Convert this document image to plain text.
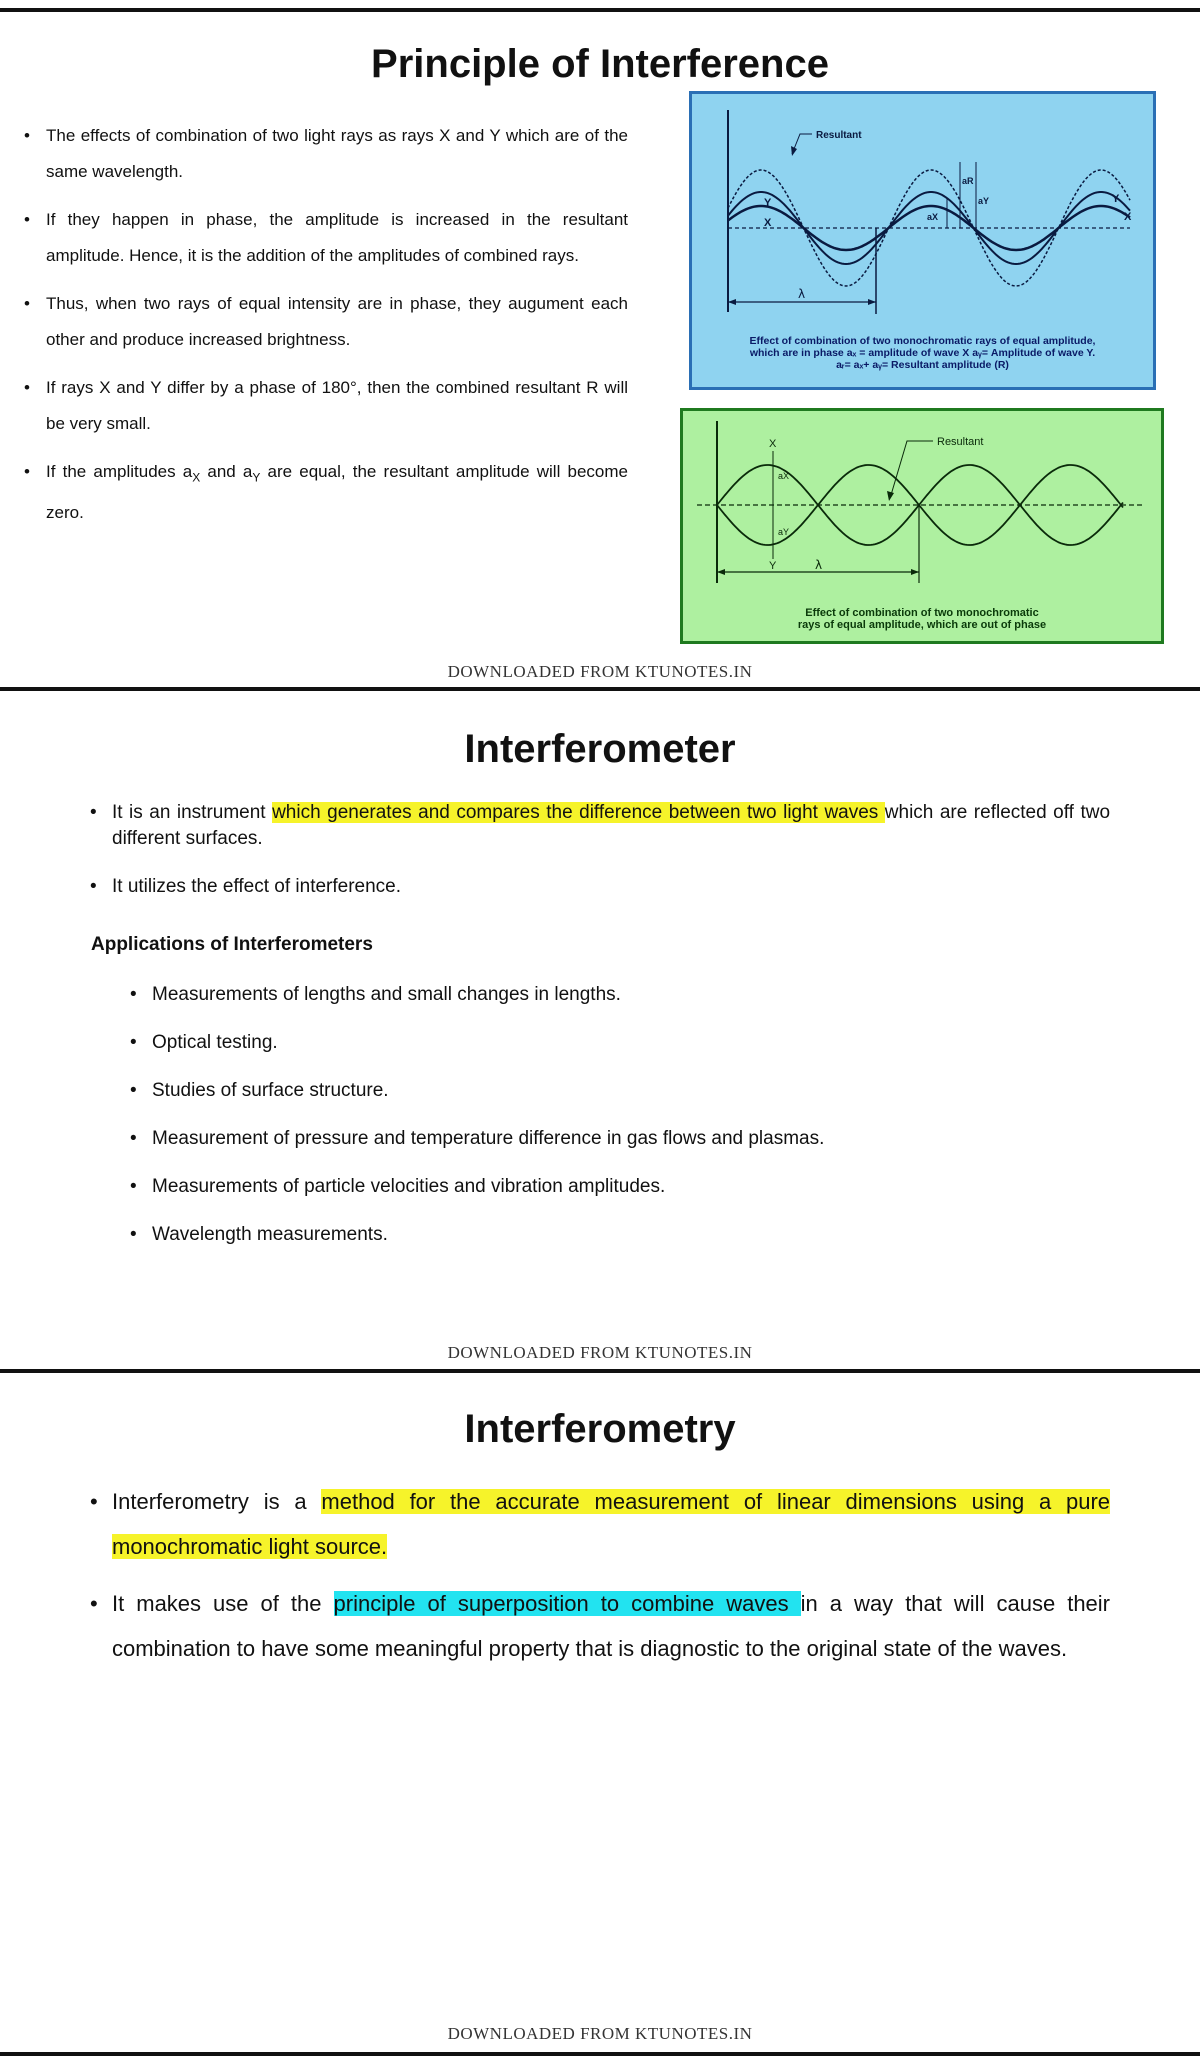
Principle of Interference
• The effects of combination of two light rays as rays X and Y which are of the same wavelength.
• If they happen in phase, the amplitude is increased in the resultant amplitude. Hence, it is the addition of the amplitudes of combined rays.
• Thus, when two rays of equal intensity are in phase, they augument each other and produce increased brightness.
• If rays X and Y differ by a phase of 180°, then the combined resultant R will be very small.
• If the amplitudes $a_X$ and $a_Y$ are equal, the resultant amplitude will become zero.
Resultant
Y
X
Y
X
λ
aR
aY
aX
Effect of combination of two monochromatic rays of equal amplitude,
which are in phase aₓ = amplitude of wave X aᵧ= Amplitude of wave Y.
aᵣ= aₓ+ aᵧ= Resultant amplitude (R)
Resultant
X
Y
aX
aY
λ
Effect of combination of two monochromatic
rays of equal amplitude, which are out of phase
DOWNLOADED FROM KTUNOTES.IN
Interferometer
• It is an instrument which generates and compares the difference between two light waves which are reflected off two different surfaces.
• It utilizes the effect of interference.
Applications of Interferometers
• Measurements of lengths and small changes in lengths.
• Optical testing.
• Studies of surface structure.
• Measurement of pressure and temperature difference in gas flows and plasmas.
• Measurements of particle velocities and vibration amplitudes.
• Wavelength measurements.
DOWNLOADED FROM KTUNOTES.IN
Interferometry
• Interferometry is a method for the accurate measurement of linear dimensions using a pure monochromatic light source.
• It makes use of the principle of superposition to combine waves in a way that will cause their combination to have some meaningful property that is diagnostic to the original state of the waves.
DOWNLOADED FROM KTUNOTES.IN
